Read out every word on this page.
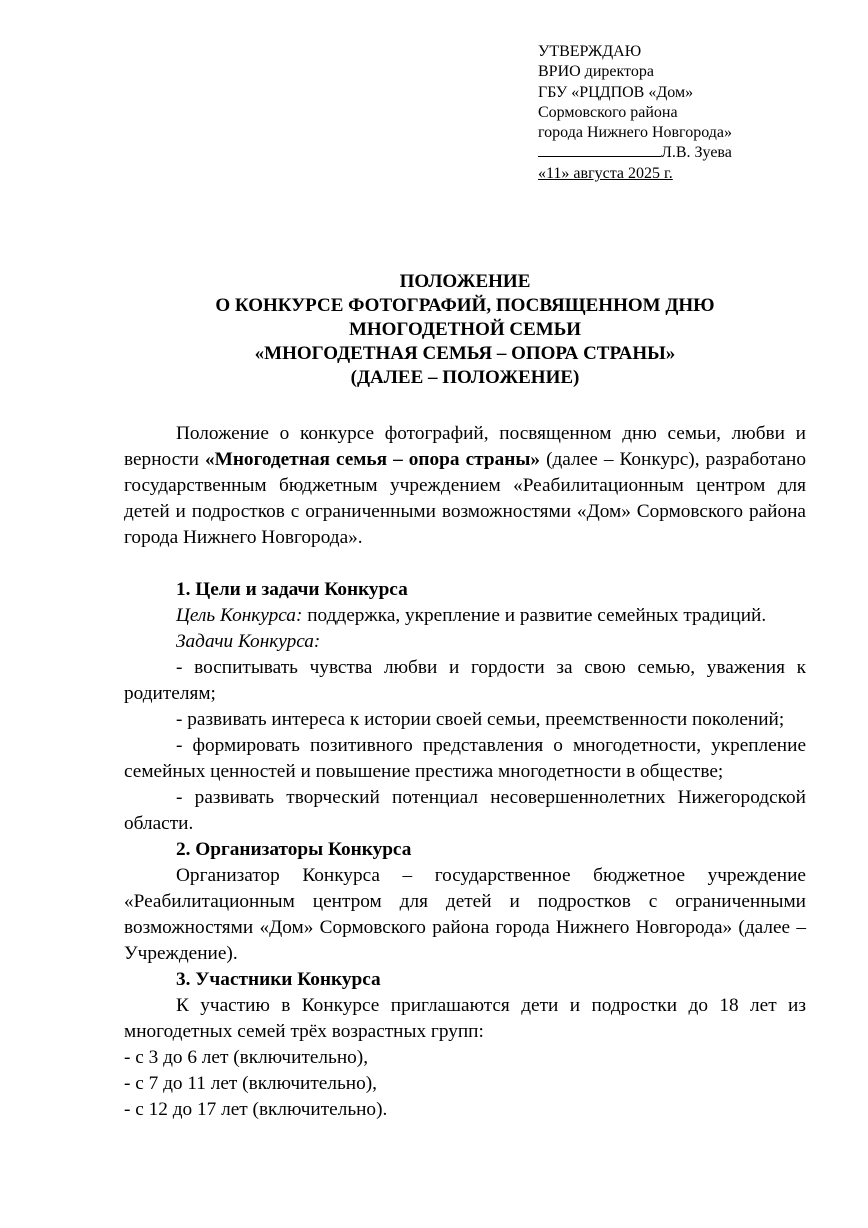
УТВЕРЖДАЮ
ВРИО директора
ГБУ «РЦДПОВ «Дом»
Сормовского района
города Нижнего Новгорода»
Л.В. Зуева
«11» августа 2025 г.
ПОЛОЖЕНИЕ
О КОНКУРСЕ ФОТОГРАФИЙ, ПОСВЯЩЕННОМ ДНЮ
МНОГОДЕТНОЙ СЕМЬИ
«МНОГОДЕТНАЯ СЕМЬЯ – ОПОРА СТРАНЫ»
(ДАЛЕЕ – ПОЛОЖЕНИЕ)

Положение о конкурсе фотографий, посвященном дню семьи, любви и верности «Многодетная семья – опора страны» (далее – Конкурс), разработано государственным бюджетным учреждением «Реабилитационным центром для детей и подростков с ограниченными возможностями «Дом» Сормовского района города Нижнего Новгорода».

1. Цели и задачи Конкурса

Цель Конкурса: поддержка, укрепление и развитие семейных традиций.

Задачи Конкурса:

- воспитывать чувства любви и гордости за свою семью, уважения к родителям;

- развивать интереса к истории своей семьи, преемственности поколений;

- формировать позитивного представления о многодетности, укрепление семейных ценностей и повышение престижа многодетности в обществе;

- развивать творческий потенциал несовершеннолетних Нижегородской области.

2. Организаторы Конкурса

Организатор Конкурса – государственное бюджетное учреждение «Реабилитационным центром для детей и подростков с ограниченными возможностями «Дом» Сормовского района города Нижнего Новгорода» (далее – Учреждение).

3. Участники Конкурса

К участию в Конкурсе приглашаются дети и подростки до 18 лет из многодетных семей трёх возрастных групп:

- с 3 до 6 лет (включительно),

- с 7 до 11 лет (включительно),

- с 12 до 17 лет (включительно).
